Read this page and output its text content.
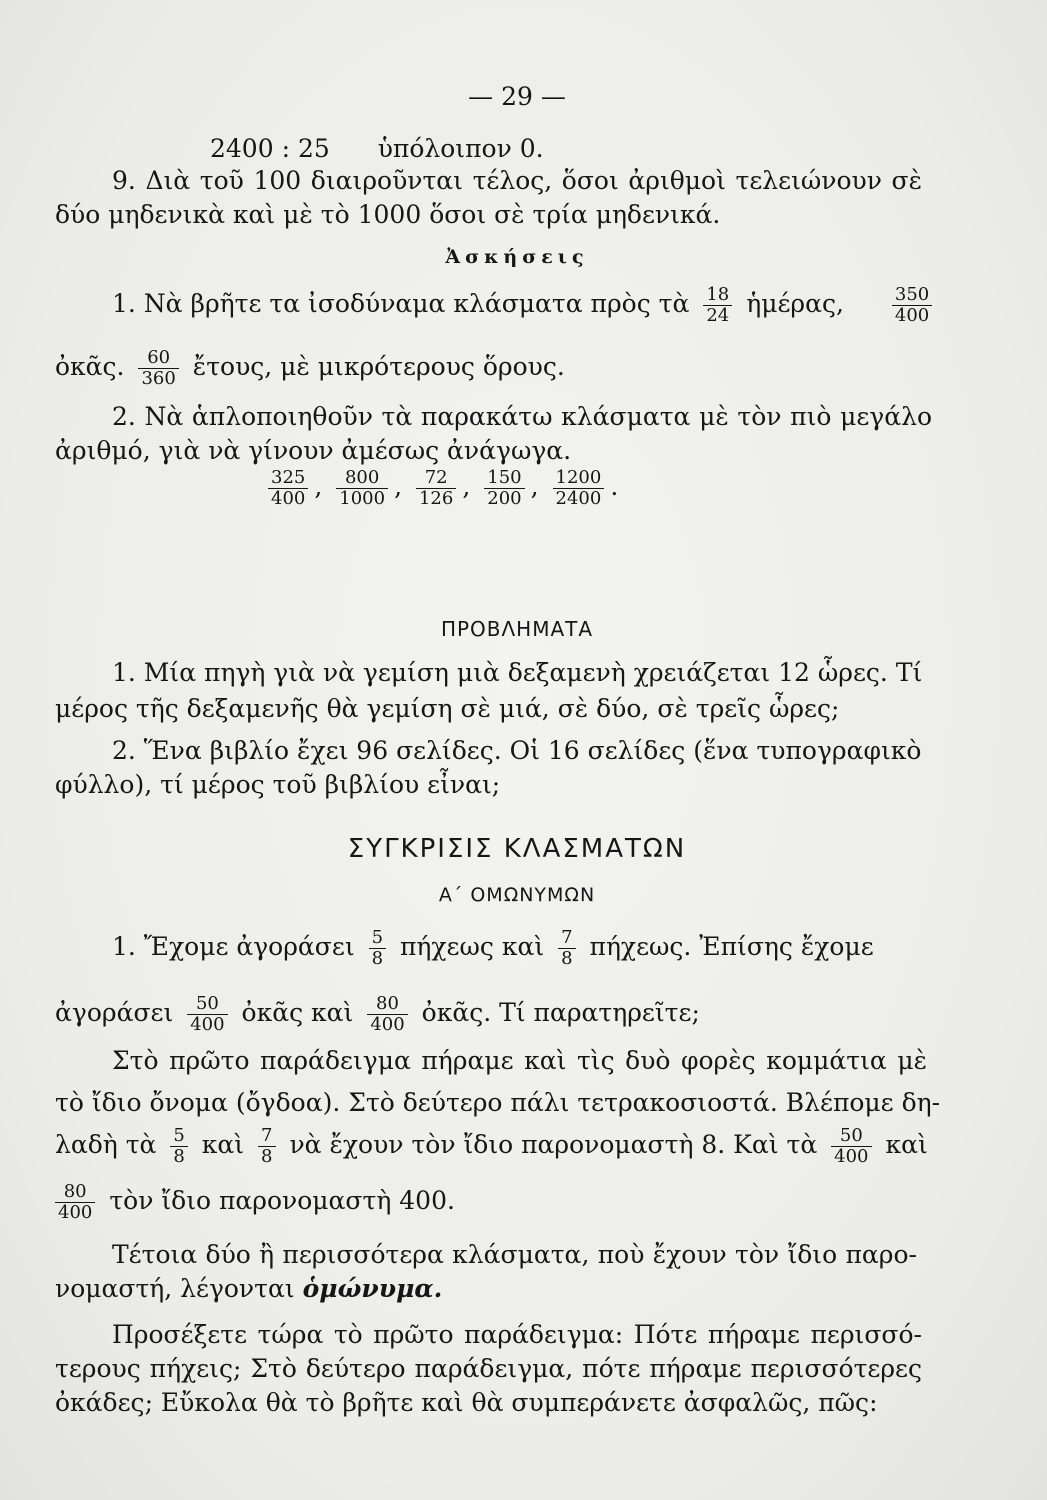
— 29 —
2400 : 25 ὑπόλοιπον 0.
9. Διὰ τοῦ 100 διαιροῦνται τέλος, ὅσοι ἀριθμοὶ τελειώνουν σὲ
δύο μηδενικὰ καὶ μὲ τὸ 1000 ὅσοι σὲ τρία μηδενικά.
Ἀσκήσεις
1. Νὰ βρῆτε τα ἰσοδύναμα κλάσματα πρὸς τὰ $\frac{18}{24}$ ἡμέρας,	$\frac{350}{400}$
ὀκᾶς. $\frac{60}{360}$ ἔτους, μὲ μικρότερους ὅρους.
2. Νὰ ἁπλοποιηθοῦν τὰ παρακάτω κλάσματα μὲ τὸν πιὸ μεγάλο
ἀριθμό, γιὰ νὰ γίνουν ἀμέσως ἀνάγωγα.
$\frac{325}{400}$ , $\frac{800}{1000}$ , $\frac{72}{126}$ , $\frac{150}{200}$ , $\frac{1200}{2400}$ .
ΠΡΟΒΛΗΜΑΤΑ
1. Μία πηγὴ γιὰ νὰ γεμίση μιὰ δεξαμενὴ χρειάζεται 12 ὧρες. Τί
μέρος τῆς δεξαμενῆς θὰ γεμίση σὲ μιά, σὲ δύο, σὲ τρεῖς ὧρες;
2. Ἕνα βιβλίο ἔχει 96 σελίδες. Οἱ 16 σελίδες (ἕνα τυπογραφικὸ
φύλλο), τί μέρος τοῦ βιβλίου εἶναι;
ΣΥΓΚΡΙΣΙΣ ΚΛΑΣΜΑΤΩΝ
Α΄ ΟΜΩΝΥΜΩΝ
1. Ἔχομε ἀγοράσει $\frac{5}{8}$ πήχεως καὶ $\frac{7}{8} \pi ή\chi\varepsilon\omega\varsigma$. Ἐπίσης ἔχομε
ἀγοράσει $\frac{50}{400}$ ὀκᾶς καὶ $\frac{80}{400}$ ὀκᾶς. Τί παρατηρεῖτε;
Στὸ πρῶτο παράδειγμα πήραμε καὶ τὶς δυὸ φορὲς κομμάτια μὲ
τὸ ἴδιο ὄνομα (ὄγδοα). Στὸ δεύτερο πάλι τετρακοσιοστά. Βλέπομε δη-
λαδὴ τὰ $\frac{5}{8}$ καὶ $\frac{7}{8}$ νὰ ἔχουν τὸν ἴδιο παρονομαστὴ 8. Καὶ τὰ $\frac{50}{400}$ καὶ
$\frac{80}{400}$ τὸν ἴδιο παρονομαστὴ 400.
Τέτοια δύο ἢ περισσότερα κλάσματα, ποὺ ἔχουν τὸν ἴδιο παρο-
νομαστή, λέγονται ὁμώνυμα.
Προσέξετε τώρα τὸ πρῶτο παράδειγμα: Πότε πήραμε περισσό-
τερους πήχεις; Στὸ δεύτερο παράδειγμα, πότε πήραμε περισσότερες
ὀκάδες; Εὔκολα θὰ τὸ βρῆτε καὶ θὰ συμπεράνετε ἀσφαλῶς, πῶς:
